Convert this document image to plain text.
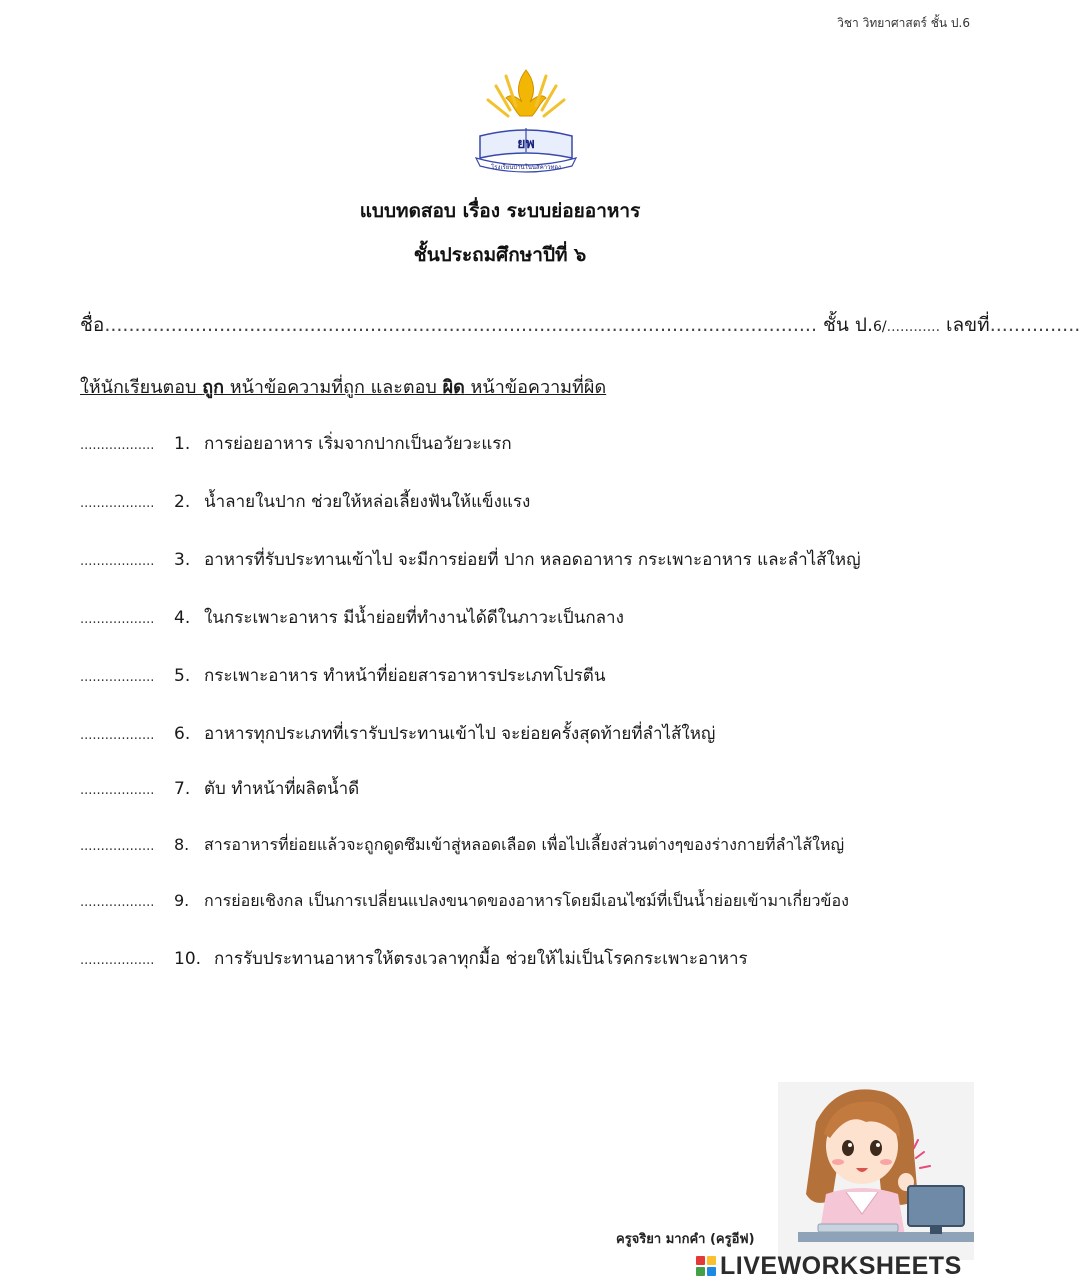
วิชา วิทยาศาสตร์ ชั้น ป.6
ยพ
โรงเรียนบ้านโนนสิคาวทอง
แบบทดสอบ เรื่อง ระบบย่อยอาหาร
ชั้นประถมศึกษาปีที่ ๖
ชื่อ ...................................................................................................................... ชั้น ป. 6/ ............ เลขที่ ...............
ให้นักเรียนตอบ ถูก หน้าข้อความที่ถูก และตอบ ผิด หน้าข้อความที่ผิด
..................	1. การย่อยอาหาร เริ่มจากปากเป็นอวัยวะแรก
..................	2. น้ำลายในปาก ช่วยให้หล่อเลี้ยงฟันให้แข็งแรง
..................	3. อาหารที่รับประทานเข้าไป จะมีการย่อยที่ ปาก หลอดอาหาร กระเพาะอาหาร และลำไส้ใหญ่
..................	4. ในกระเพาะอาหาร มีน้ำย่อยที่ทำงานได้ดีในภาวะเป็นกลาง
..................	5. กระเพาะอาหาร ทำหน้าที่ย่อยสารอาหารประเภทโปรตีน
..................	6. อาหารทุกประเภทที่เรารับประทานเข้าไป จะย่อยครั้งสุดท้ายที่ลำไส้ใหญ่
..................	7. ตับ ทำหน้าที่ผลิตน้ำดี
..................	8. สารอาหารที่ย่อยแล้วจะถูกดูดซึมเข้าสู่หลอดเลือด เพื่อไปเลี้ยงส่วนต่างๆของร่างกายที่ลำไส้ใหญ่
..................	9. การย่อยเชิงกล เป็นการเปลี่ยนแปลงขนาดของอาหารโดยมีเอนไซม์ที่เป็นน้ำย่อยเข้ามาเกี่ยวข้อง
..................	10. การรับประทานอาหารให้ตรงเวลาทุกมื้อ ช่วยให้ไม่เป็นโรคกระเพาะอาหาร
ครูจริยา มากคำ (ครูอีฟ)
LIVEWORKSHEETS
